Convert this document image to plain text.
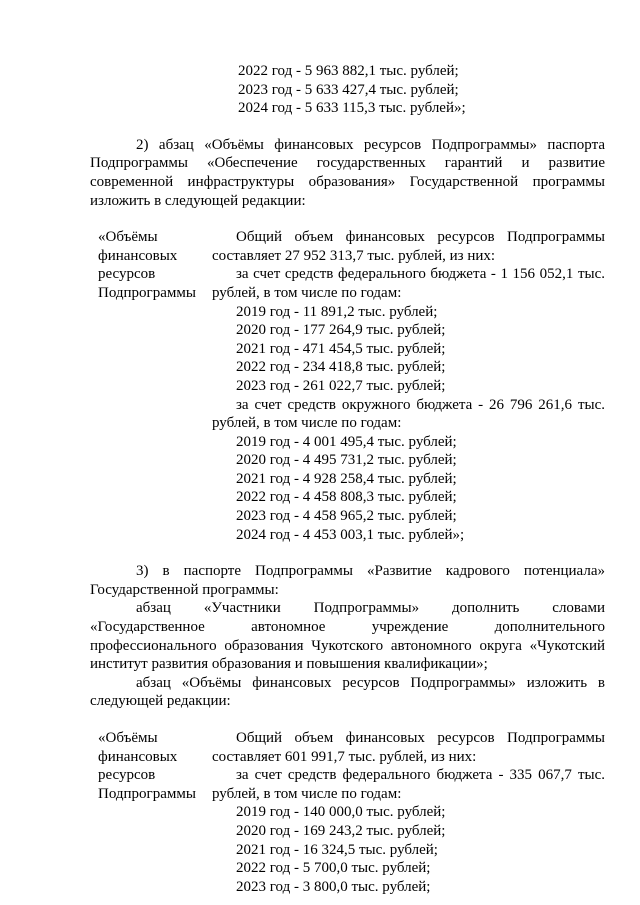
2022 год - 5 963 882,1 тыс. рублей;
2023 год - 5 633 427,4 тыс. рублей;
2024 год - 5 633 115,3 тыс. рублей»;
2) абзац «Объёмы финансовых ресурсов Подпрограммы» паспорта Подпрограммы «Обеспечение государственных гарантий и развитие современной инфраструктуры образования» Государственной программы изложить в следующей редакции:
«Объёмы
финансовых
ресурсов
Подпрограммы
Общий объем финансовых ресурсов Подпрограммы составляет 27 952 313,7 тыс. рублей, из них:
за счет средств федерального бюджета - 1 156 052,1 тыс. рублей, в том числе по годам:
2019 год - 11 891,2 тыс. рублей;
2020 год - 177 264,9 тыс. рублей;
2021 год - 471 454,5 тыс. рублей;
2022 год - 234 418,8 тыс. рублей;
2023 год - 261 022,7 тыс. рублей;
за счет средств окружного бюджета - 26 796 261,6 тыс. рублей, в том числе по годам:
2019 год - 4 001 495,4 тыс. рублей;
2020 год - 4 495 731,2 тыс. рублей;
2021 год - 4 928 258,4 тыс. рублей;
2022 год - 4 458 808,3 тыс. рублей;
2023 год - 4 458 965,2 тыс. рублей;
2024 год - 4 453 003,1 тыс. рублей»;
3) в паспорте Подпрограммы «Развитие кадрового потенциала» Государственной программы:
абзац «Участники Подпрограммы» дополнить словами «Государственное автономное учреждение дополнительного профессионального образования Чукотского автономного округа «Чукотский институт развития образования и повышения квалификации»;
абзац «Объёмы финансовых ресурсов Подпрограммы» изложить в следующей редакции:
«Объёмы
финансовых
ресурсов
Подпрограммы
Общий объем финансовых ресурсов Подпрограммы составляет 601 991,7 тыс. рублей, из них:
за счет средств федерального бюджета - 335 067,7 тыс. рублей, в том числе по годам:
2019 год - 140 000,0 тыс. рублей;
2020 год - 169 243,2 тыс. рублей;
2021 год - 16 324,5 тыс. рублей;
2022 год - 5 700,0 тыс. рублей;
2023 год - 3 800,0 тыс. рублей;
